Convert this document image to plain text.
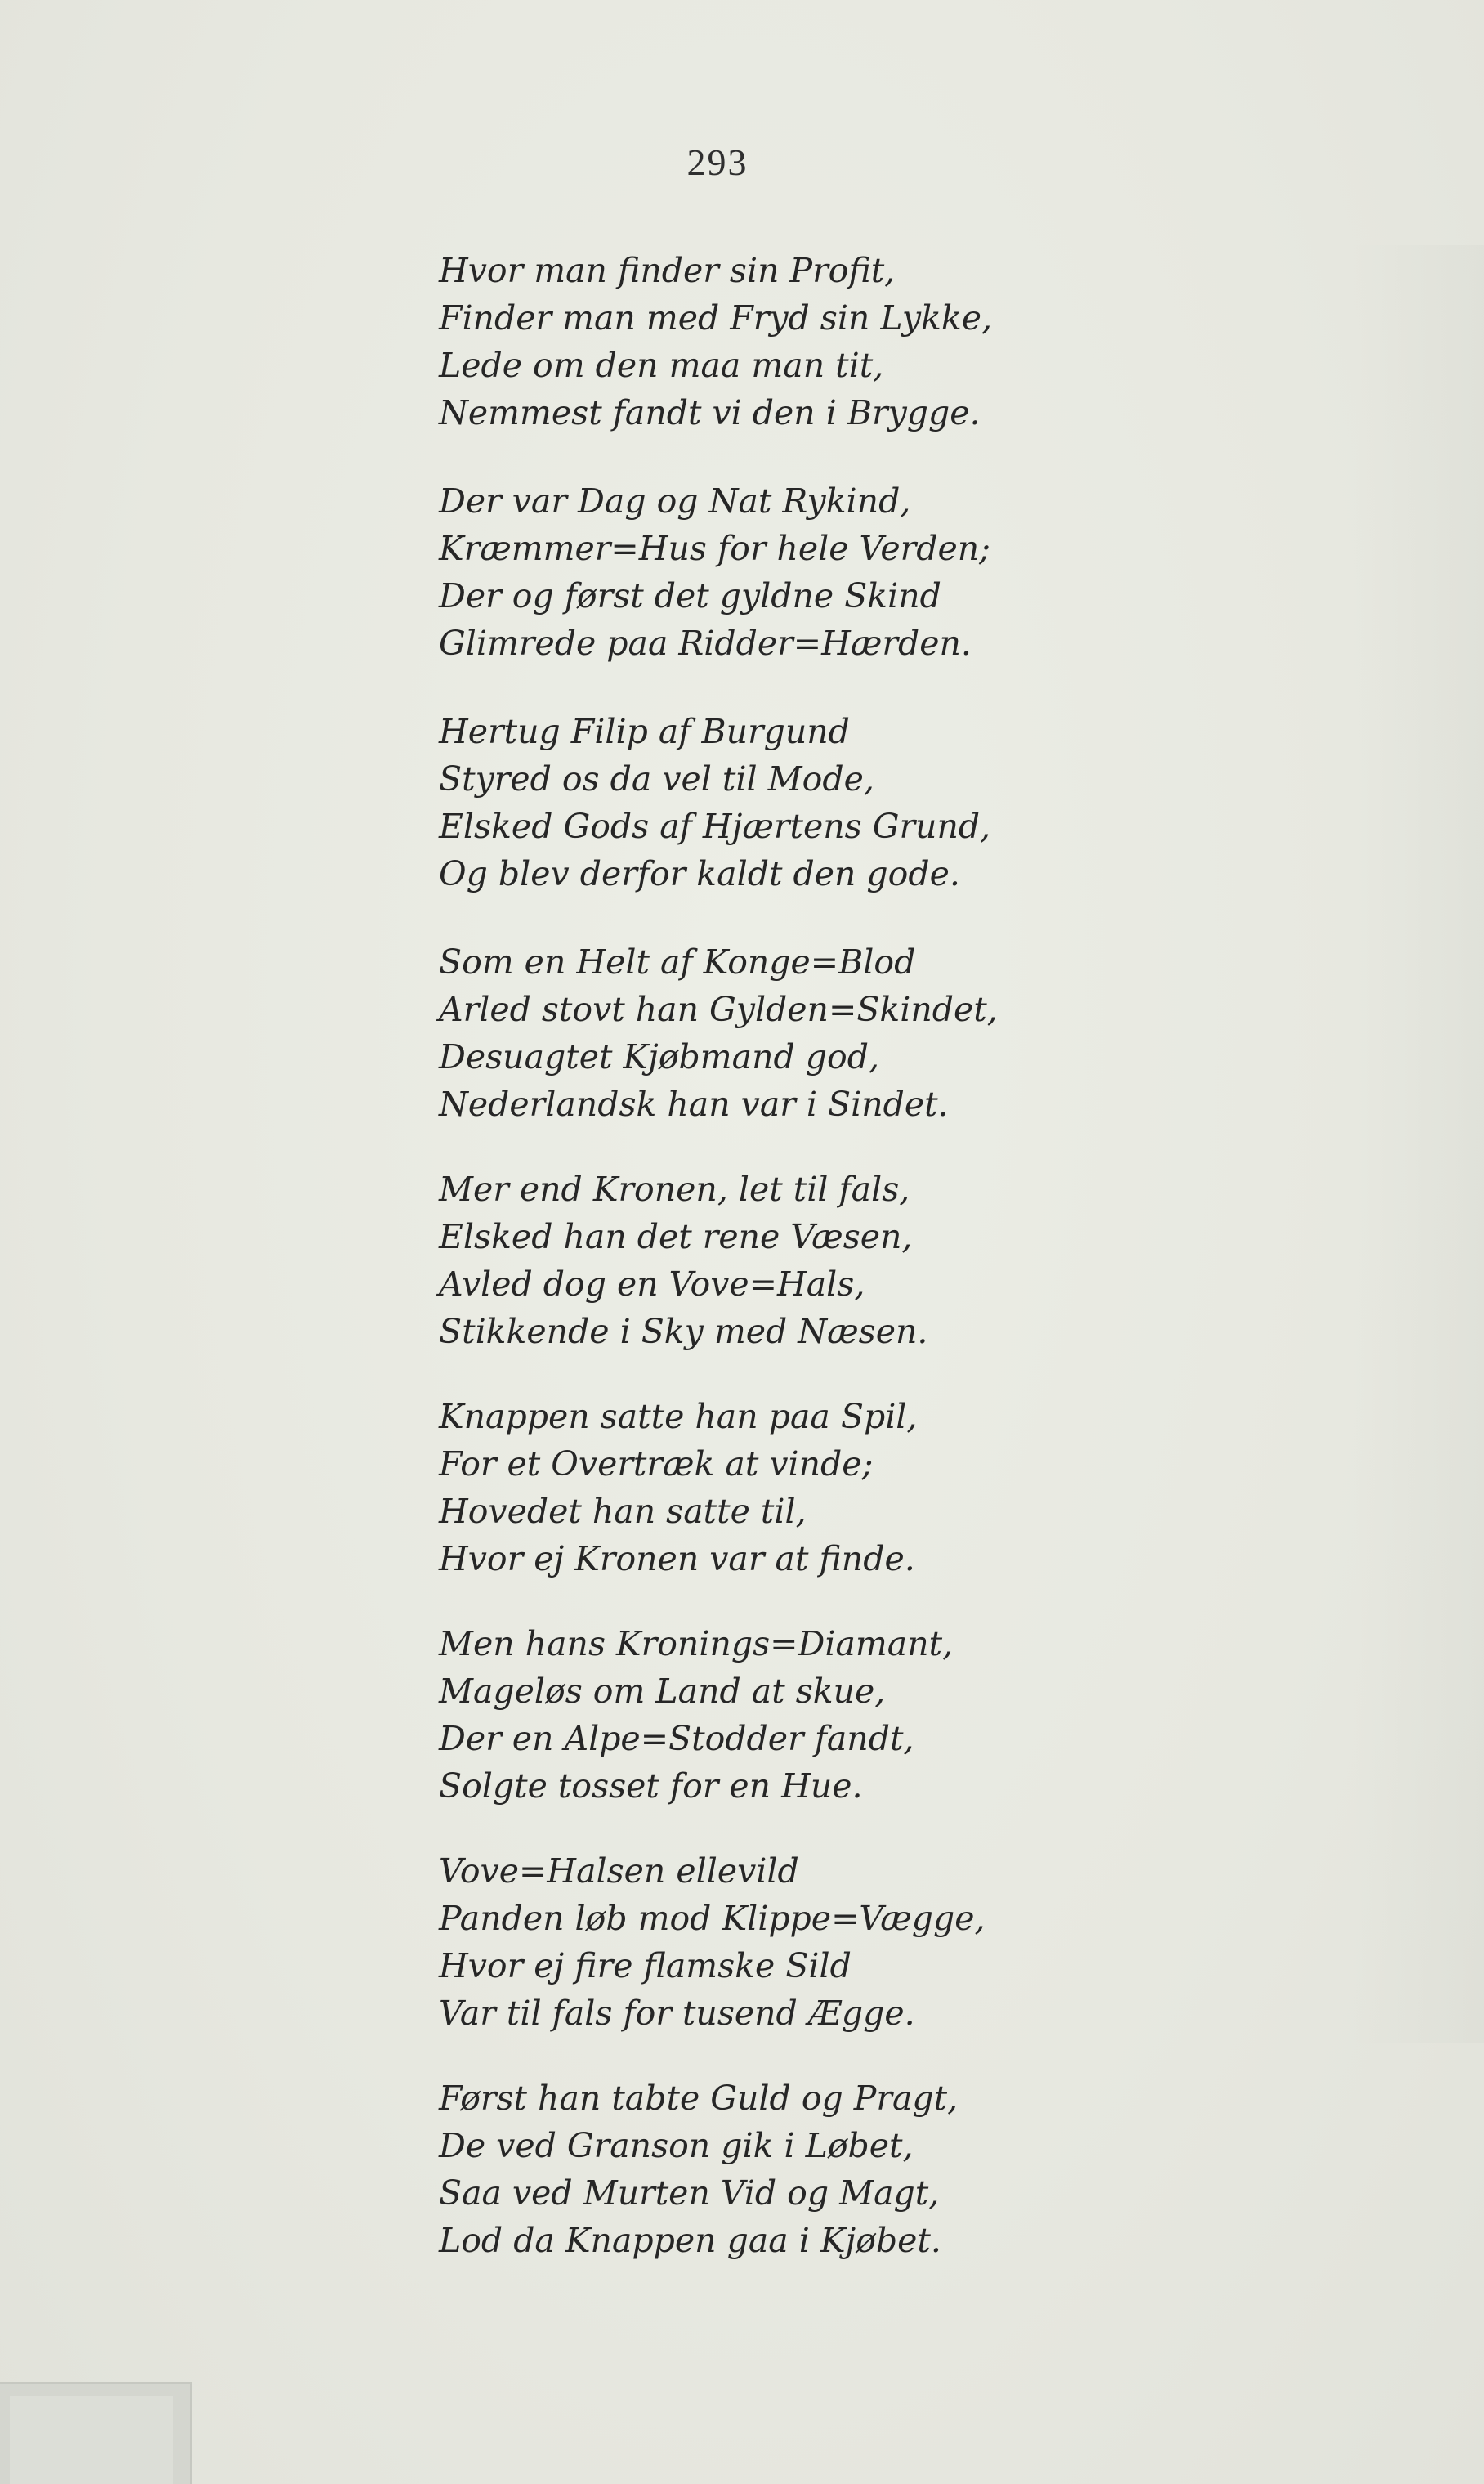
293
Hvor man finder sin Profit,
Finder man med Fryd sin Lykke,
Lede om den maa man tit,
Nemmest fandt vi den i Brygge.
Der var Dag og Nat Rykind,
Kræmmer=Hus for hele Verden;
Der og først det gyldne Skind
Glimrede paa Ridder=Hærden.
Hertug Filip af Burgund
Styred os da vel til Mode,
Elsked Gods af Hjærtens Grund,
Og blev derfor kaldt den gode.
Som en Helt af Konge=Blod
Arled stovt han Gylden=Skindet,
Desuagtet Kjøbmand god,
Nederlandsk han var i Sindet.
Mer end Kronen, let til fals,
Elsked han det rene Væsen,
Avled dog en Vove=Hals,
Stikkende i Sky med Næsen.
Knappen satte han paa Spil,
For et Overtræk at vinde;
Hovedet han satte til,
Hvor ej Kronen var at finde.
Men hans Kronings=Diamant,
Mageløs om Land at skue,
Der en Alpe=Stodder fandt,
Solgte tosset for en Hue.
Vove=Halsen ellevild
Panden løb mod Klippe=Vægge,
Hvor ej fire flamske Sild
Var til fals for tusend Ægge.
Først han tabte Guld og Pragt,
De ved Granson gik i Løbet,
Saa ved Murten Vid og Magt,
Lod da Knappen gaa i Kjøbet.
